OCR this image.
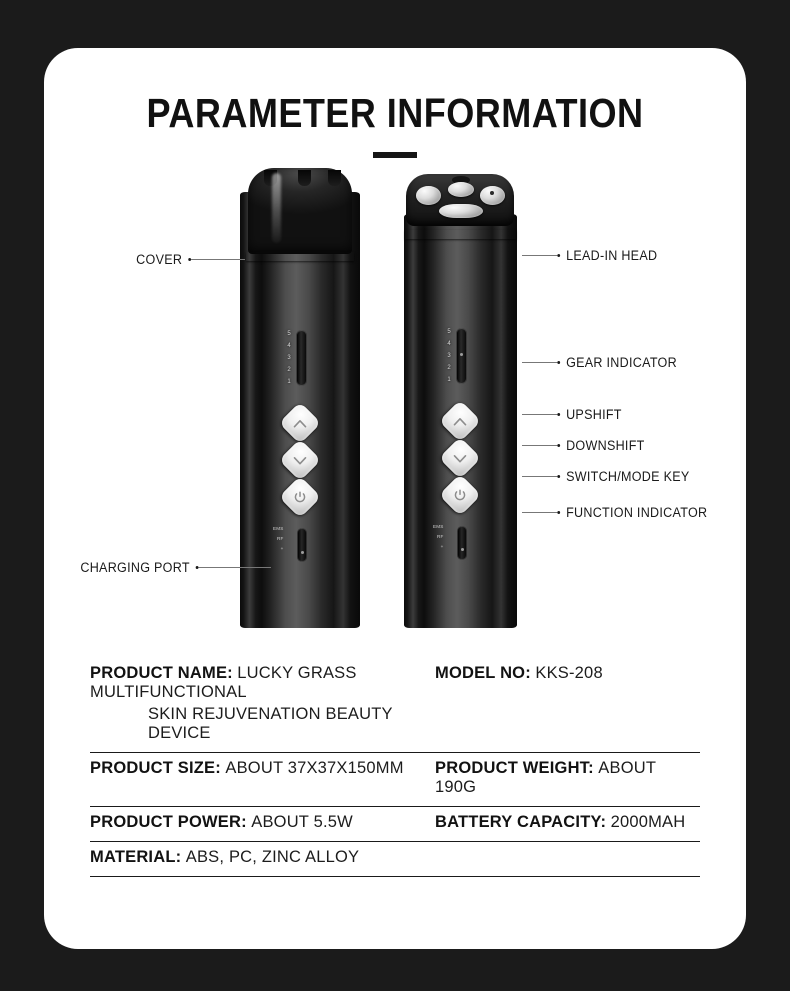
PARAMETER INFORMATION
5
4
3
2
1
EMS
RF
+
5
4
3
2
1
EMS
RF
+
COVER
CHARGING PORT
LEAD-IN HEAD
GEAR INDICATOR
UPSHIFT
DOWNSHIFT
SWITCH/MODE KEY
FUNCTION INDICATOR
PRODUCT NAME: LUCKY GRASS MULTIFUNCTIONAL
SKIN REJUVENATION BEAUTY DEVICE
MODEL NO: KKS-208
PRODUCT SIZE: ABOUT 37X37X150MM	PRODUCT WEIGHT: ABOUT 190G
PRODUCT POWER: ABOUT 5.5W	BATTERY CAPACITY: 2000MAH
MATERIAL: ABS, PC, ZINC ALLOY
